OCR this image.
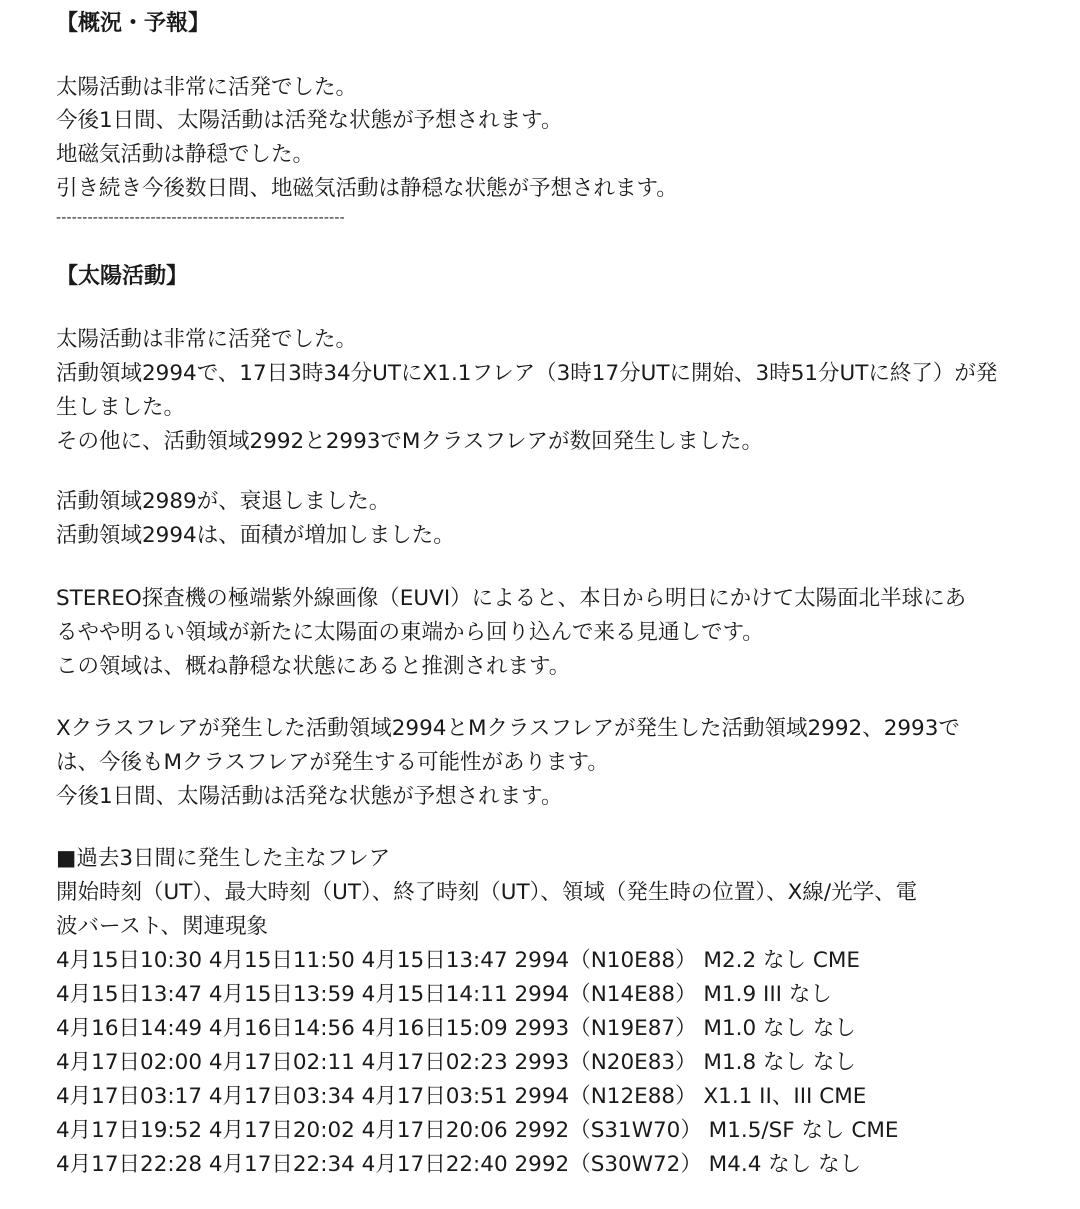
【概況・予報】
太陽活動は非常に活発でした。
今後1日間、太陽活動は活発な状態が予想されます。
地磁気活動は静穏でした。
引き続き今後数日間、地磁気活動は静穏な状態が予想されます。
-------------------------------------------------------
【太陽活動】
太陽活動は非常に活発でした。
活動領域2994で、17日3時34分UTにX1.1フレア（3時17分UTに開始、3時51分UTに終了）が発
生しました。
その他に、活動領域2992と2993でMクラスフレアが数回発生しました。
活動領域2989が、衰退しました。
活動領域2994は、面積が増加しました。
STEREO探査機の極端紫外線画像（EUVI）によると、本日から明日にかけて太陽面北半球にあ
るやや明るい領域が新たに太陽面の東端から回り込んで来る見通しです。
この領域は、概ね静穏な状態にあると推測されます。
Xクラスフレアが発生した活動領域2994とMクラスフレアが発生した活動領域2992、2993で
は、今後もMクラスフレアが発生する可能性があります。
今後1日間、太陽活動は活発な状態が予想されます。
■過去3日間に発生した主なフレア
開始時刻（UT）、最大時刻（UT）、終了時刻（UT）、領域（発生時の位置）、X線/光学、電
波バースト、関連現象
4月15日10:30 4月15日11:50 4月15日13:47 2994（N10E88） M2.2 なし CME
4月15日13:47 4月15日13:59 4月15日14:11 2994（N14E88） M1.9 III なし
4月16日14:49 4月16日14:56 4月16日15:09 2993（N19E87） M1.0 なし なし
4月17日02:00 4月17日02:11 4月17日02:23 2993（N20E83） M1.8 なし なし
4月17日03:17 4月17日03:34 4月17日03:51 2994（N12E88） X1.1 II、III CME
4月17日19:52 4月17日20:02 4月17日20:06 2992（S31W70） M1.5/SF なし CME
4月17日22:28 4月17日22:34 4月17日22:40 2992（S30W72） M4.4 なし なし
